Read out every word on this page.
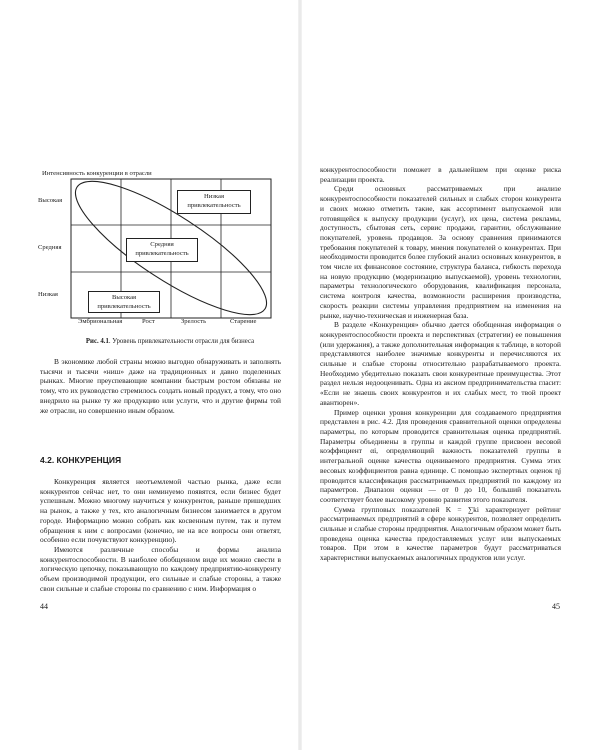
Интенсивность конкуренции в отрасли
Высокая
Средняя
Низкая
Низкая привлекательность
Средняя привлекательность
Высокая привлекательность
Эмбриональная	Рост	Зрелость	Старение
Рис. 4.1. Уровень привлекательности отрасли для бизнеса

В экономике любой страны можно выгодно обнаруживать и заполнять тысячи и тысячи «ниш» даже на традиционных и давно поделенных рынках. Многие преуспевающие компании быстрым ростом обязаны не тому, что их руководство стремилось создать новый продукт, а тому, что оно внедрило на рынке ту же продукцию или услуги, что и другие фирмы той же отрасли, но совершенно иным образом.

4.2. КОНКУРЕНЦИЯ

Конкуренция является неотъемлемой частью рынка, даже если конкурентов сейчас нет, то они неминуемо появятся, если бизнес будет успешным. Можно многому научиться у конкурентов, раньше пришедших на рынок, а также у тех, кто аналогичным бизнесом занимается в другом городе. Информацию можно собрать как косвенным путем, так и путем обращения к ним с вопросами (конечно, не на все вопросы они ответят, особенно если почувствуют конкуренцию).

Имеются различные способы и формы анализа конкурентоспособности. В наиболее обобщенном виде их можно свести в логическую цепочку, показывающую по каждому предприятию-конкуренту объем производимой продукции, его сильные и слабые стороны, а также свои сильные и слабые стороны по сравнению с ним. Информация о

44

конкурентоспособности поможет в дальнейшем при оценке риска реализации проекта.

Среди основных рассматриваемых при анализе конкурентоспособности показателей сильных и слабых сторон конкурента и своих можно отметить такие, как ассортимент выпускаемой или готовящейся к выпуску продукции (услуг), их цена, система рекламы, доступность, сбытовая сеть, сервис продажи, гарантии, обслуживание покупателей, уровень продавцов. За основу сравнения принимаются требования покупателей к товару, мнения покупателей о конкурентах. При необходимости проводится более глубокий анализ основных конкурентов, в том числе их финансовое состояние, структура баланса, гибкость перехода на новую продукцию (модернизацию выпускаемой), уровень технологии, параметры технологического оборудования, квалификация персонала, система контроля качества, возможности расширения производства, скорость реакции системы управления предприятием на изменения на рынке, научно-техническая и инженерная база.

В разделе «Конкуренция» обычно дается обобщенная информация о конкурентоспособности проекта и перспективах (стратегии) ее повышения (или удержания), а также дополнительная информация к таблице, в которой представляются наиболее значимые конкуренты и перечисляются их сильные и слабые стороны относительно разрабатываемого проекта. Необходимо убедительно показать свои конкурентные преимущества. Этот раздел нельзя недооценивать. Одна из аксиом предпринимательства гласит: «Если не знаешь своих конкурентов и их слабых мест, то твой проект авантюрен».

Пример оценки уровня конкуренции для создаваемого предприятия представлен в рис. 4.2. Для проведения сравнительной оценки определены параметры, по которым проводится сравнительная оценка предприятий. Параметры объединены в группы и каждой группе присвоен весовой коэффициент αi, определяющий важность показателей группы в интегральной оценке качества оцениваемого предприятия. Сумма этих весовых коэффициентов равна единице. С помощью экспертных оценок ηj проводится классификация рассматриваемых предприятий по каждому из параметров. Диапазон оценки — от 0 до 10, больший показатель соответствует более высокому уровню развития этого показателя.

Сумма групповых показателей K = ∑ki характеризует рейтинг рассматриваемых предприятий в сфере конкурентов, позволяет определить сильные и слабые стороны предприятия. Аналогичным образом может быть проведена оценка качества предоставляемых услуг или выпускаемых товаров. При этом в качестве параметров будут рассматриваться характеристики выпускаемых аналогичных продуктов или услуг.

45
